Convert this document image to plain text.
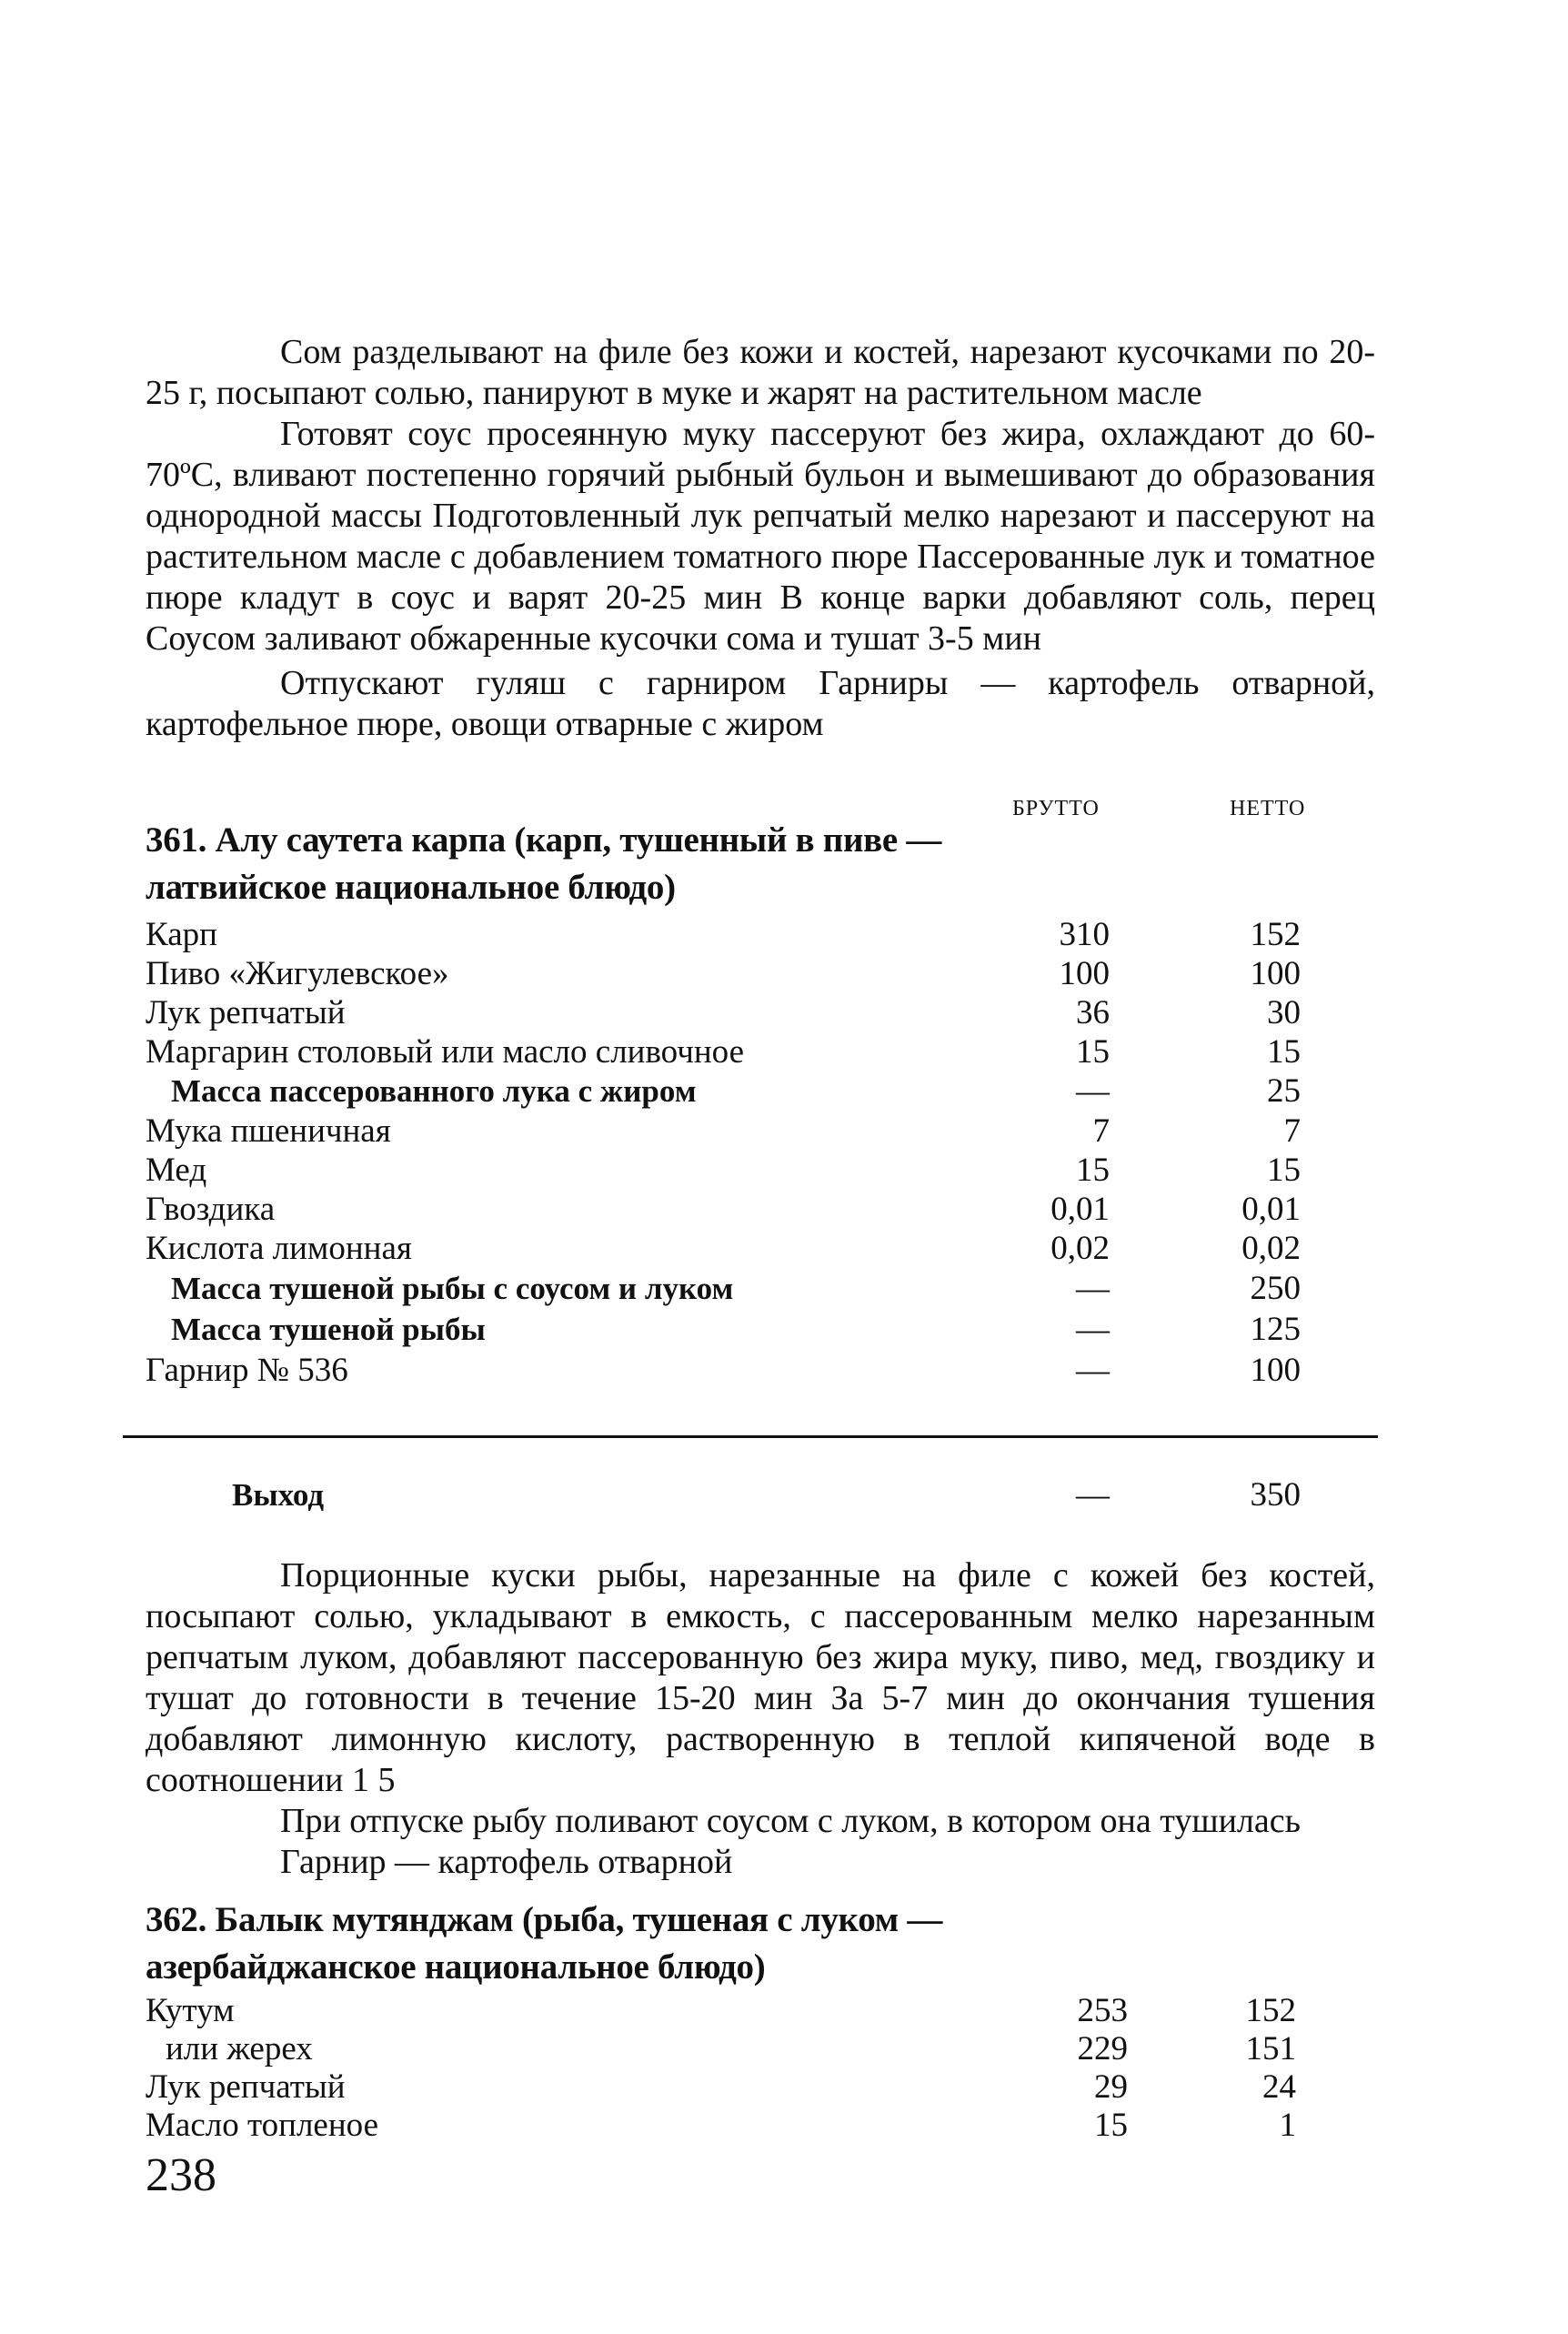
Сом разделывают на филе без кожи и костей, нарезают кусочками по 20-25 г, посыпают солью, панируют в муке и жарят на растительном масле

Готовят соус просеянную муку пассеруют без жира, охлаждают до 60-70ºС, вливают постепенно горячий рыбный бульон и вымешивают до образования однородной массы Подготовленный лук репчатый мелко нарезают и пассеруют на растительном масле с добавлением томатного пюре Пассерованные лук и томатное пюре кладут в соус и варят 20-25 мин В конце варки добавляют соль, перец Соусом заливают обжаренные кусочки сома и тушат 3-5 мин

Отпускают гуляш с гарниром Гарниры — картофель отварной, картофельное пюре, овощи отварные с жиром

БРУТТО	НЕТТО

361. Алу саутета карпа (карп, тушенный в пиве — латвийское национальное блюдо)

Карп	310	152
Пиво «Жигулевское»	100	100
Лук репчатый	36	30
Маргарин столовый или масло сливочное	15	15
Масса пассерованного лука с жиром	—	25
Мука пшеничная	7	7
Мед	15	15
Гвоздика	0,01	0,01
Кислота лимонная	0,02	0,02
Масса тушеной рыбы с соусом и луком	—	250
Масса тушеной рыбы	—	125
Гарнир № 536	—	100
Выход	—	350

Порционные куски рыбы, нарезанные на филе с кожей без костей, посыпают солью, укладывают в емкость, с пассерованным мелко нарезанным репчатым луком, добавляют пассерованную без жира муку, пиво, мед, гвоздику и тушат до готовности в течение 15-20 мин За 5-7 мин до окончания тушения добавляют лимонную кислоту, растворенную в теплой кипяченой воде в соотношении 1 5

При отпуске рыбу поливают соусом с луком, в котором она тушилась

Гарнир — картофель отварной

362. Балык мутянджам (рыба, тушеная с луком — азербайджанское национальное блюдо)

Кутум	253	152
или жерех	229	151
Лук репчатый	29	24
Масло топленое	15	1
238
